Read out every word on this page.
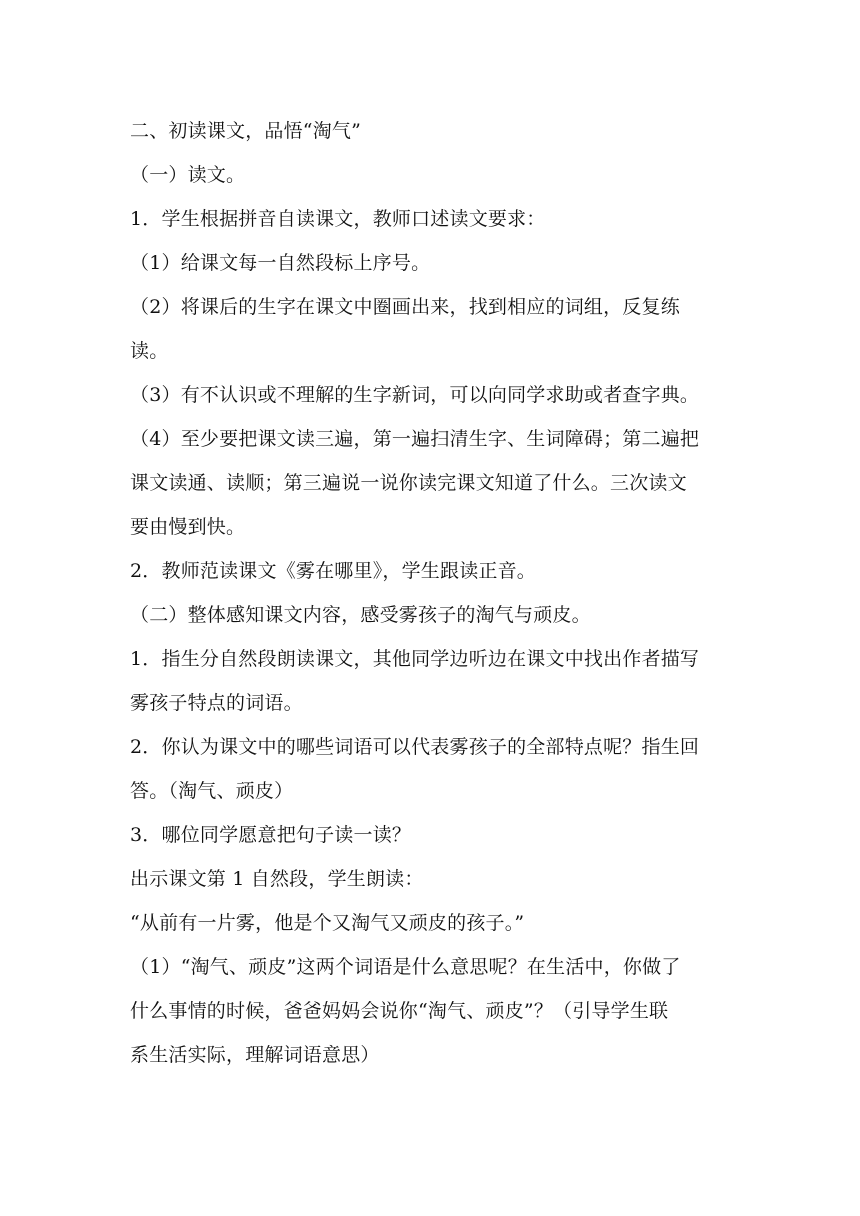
二、初读课文，品悟“淘气”
（一）读文。
1．学生根据拼音自读课文，教师口述读文要求：
（1）给课文每一自然段标上序号。
（2）将课后的生字在课文中圈画出来，找到相应的词组，反复练
读。
（3）有不认识或不理解的生字新词，可以向同学求助或者查字典。
（4）至少要把课文读三遍，第一遍扫清生字、生词障碍；第二遍把
课文读通、读顺；第三遍说一说你读完课文知道了什么。三次读文
要由慢到快。
2．教师范读课文《雾在哪里》，学生跟读正音。
（二）整体感知课文内容，感受雾孩子的淘气与顽皮。
1．指生分自然段朗读课文，其他同学边听边在课文中找出作者描写
雾孩子特点的词语。
2．你认为课文中的哪些词语可以代表雾孩子的全部特点呢？指生回
答。（淘气、顽皮）
3．哪位同学愿意把句子读一读？
出示课文第 1 自然段，学生朗读：
“从前有一片雾，他是个又淘气又顽皮的孩子。”
（1）“淘气、顽皮”这两个词语是什么意思呢？在生活中，你做了
什么事情的时候，爸爸妈妈会说你“淘气、顽皮”？（引导学生联
系生活实际，理解词语意思）
